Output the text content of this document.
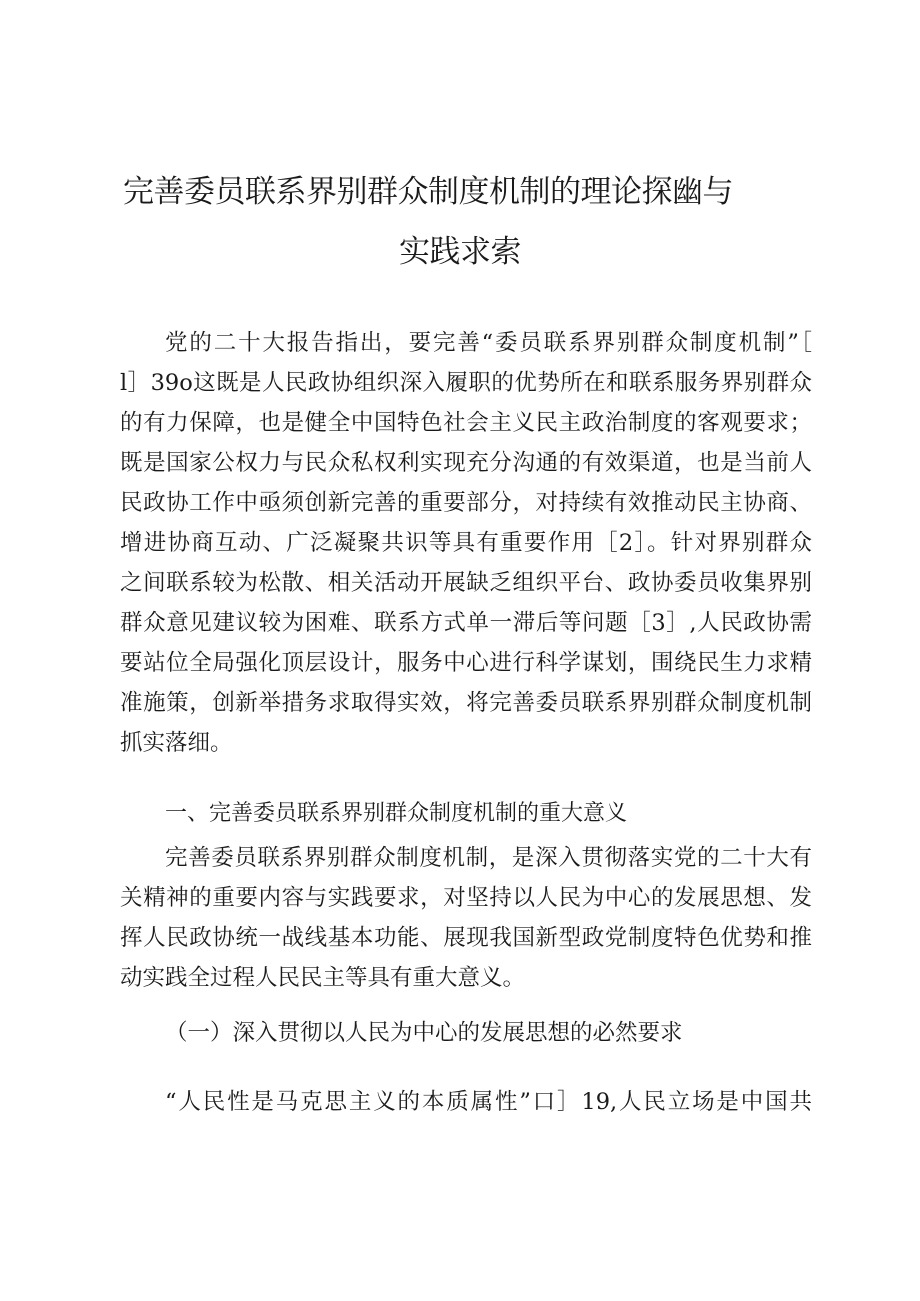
完善委员联系界别群众制度机制的理论探幽与
实践求索
党的二十大报告指出，要完善“委员联系界别群众制度机制”［
l］39o这既是人民政协组织深入履职的优势所在和联系服务界别群众
的有力保障，也是健全中国特色社会主义民主政治制度的客观要求；
既是国家公权力与民众私权利实现充分沟通的有效渠道，也是当前人
民政协工作中亟须创新完善的重要部分，对持续有效推动民主协商、
增进协商互动、广泛凝聚共识等具有重要作用［2］。针对界别群众
之间联系较为松散、相关活动开展缺乏组织平台、政协委员收集界别
群众意见建议较为困难、联系方式单一滞后等问题［3］,人民政协需
要站位全局强化顶层设计，服务中心进行科学谋划，围绕民生力求精
准施策，创新举措务求取得实效，将完善委员联系界别群众制度机制
抓实落细。
一、完善委员联系界别群众制度机制的重大意义
完善委员联系界别群众制度机制，是深入贯彻落实党的二十大有
关精神的重要内容与实践要求，对坚持以人民为中心的发展思想、发
挥人民政协统一战线基本功能、展现我国新型政党制度特色优势和推
动实践全过程人民民主等具有重大意义。
（一）深入贯彻以人民为中心的发展思想的必然要求
“人民性是马克思主义的本质属性”口］19,人民立场是中国共
